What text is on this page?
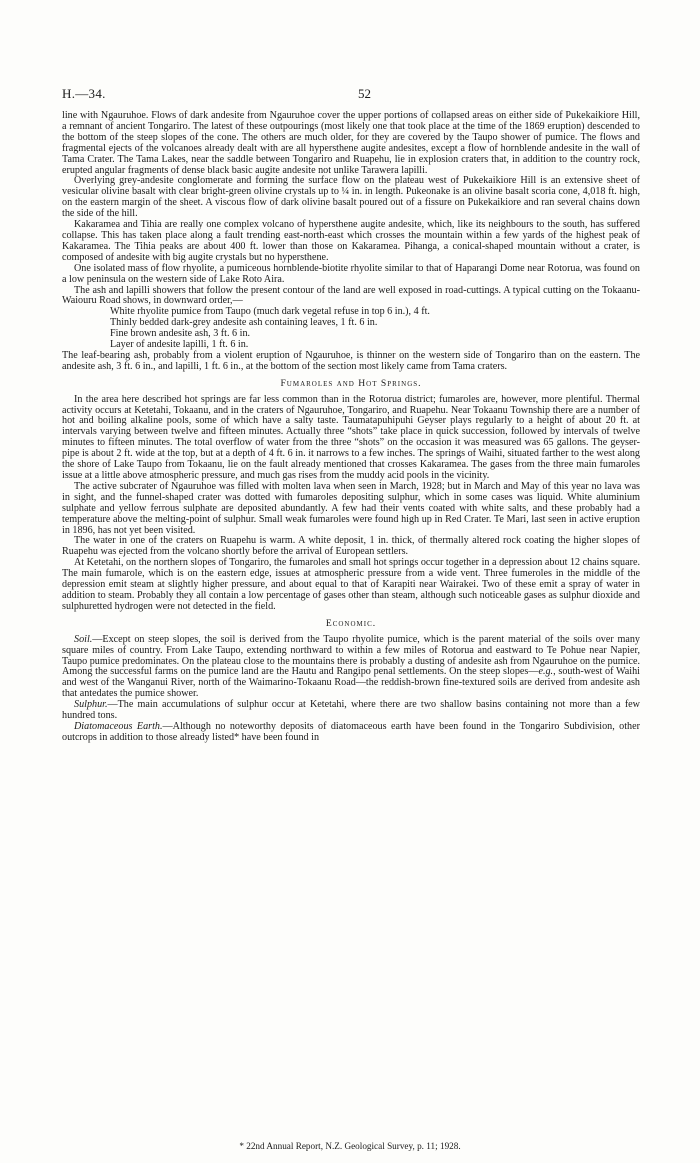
H.—34.	52

line with Ngauruhoe. Flows of dark andesite from Ngauruhoe cover the upper portions of collapsed areas on either side of Pukekaikiore Hill, a remnant of ancient Tongariro. The latest of these outpourings (most likely one that took place at the time of the 1869 eruption) descended to the bottom of the steep slopes of the cone. The others are much older, for they are covered by the Taupo shower of pumice. The flows and fragmental ejects of the volcanoes already dealt with are all hypersthene augite andesites, except a flow of hornblende andesite in the wall of Tama Crater. The Tama Lakes, near the saddle between Tongariro and Ruapehu, lie in explosion craters that, in addition to the country rock, erupted angular fragments of dense black basic augite andesite not unlike Tarawera lapilli.

Overlying grey-andesite conglomerate and forming the surface flow on the plateau west of Pukekaikiore Hill is an extensive sheet of vesicular olivine basalt with clear bright-green olivine crystals up to ¼ in. in length. Pukeonake is an olivine basalt scoria cone, 4,018 ft. high, on the eastern margin of the sheet. A viscous flow of dark olivine basalt poured out of a fissure on Pukekaikiore and ran several chains down the side of the hill.

Kakaramea and Tihia are really one complex volcano of hypersthene augite andesite, which, like its neighbours to the south, has suffered collapse. This has taken place along a fault trending east-north-east which crosses the mountain within a few yards of the highest peak of Kakaramea. The Tihia peaks are about 400 ft. lower than those on Kakaramea. Pihanga, a conical-shaped mountain without a crater, is composed of andesite with big augite crystals but no hypersthene.

One isolated mass of flow rhyolite, a pumiceous hornblende-biotite rhyolite similar to that of Haparangi Dome near Rotorua, was found on a low peninsula on the western side of Lake Roto Aira.

The ash and lapilli showers that follow the present contour of the land are well exposed in road-cuttings. A typical cutting on the Tokaanu-Waiouru Road shows, in downward order,—

White rhyolite pumice from Taupo (much dark vegetal refuse in top 6 in.), 4 ft.
Thinly bedded dark-grey andesite ash containing leaves, 1 ft. 6 in.
Fine brown andesite ash, 3 ft. 6 in.
Layer of andesite lapilli, 1 ft. 6 in.

The leaf-bearing ash, probably from a violent eruption of Ngauruhoe, is thinner on the western side of Tongariro than on the eastern. The andesite ash, 3 ft. 6 in., and lapilli, 1 ft. 6 in., at the bottom of the section most likely came from Tama craters.

Fumaroles and Hot Springs.

In the area here described hot springs are far less common than in the Rotorua district; fumaroles are, however, more plentiful. Thermal activity occurs at Ketetahi, Tokaanu, and in the craters of Ngauruhoe, Tongariro, and Ruapehu. Near Tokaanu Township there are a number of hot and boiling alkaline pools, some of which have a salty taste. Taumatapuhipuhi Geyser plays regularly to a height of about 20 ft. at intervals varying between twelve and fifteen minutes. Actually three “shots” take place in quick succession, followed by intervals of twelve minutes to fifteen minutes. The total overflow of water from the three “shots” on the occasion it was measured was 65 gallons. The geyser-pipe is about 2 ft. wide at the top, but at a depth of 4 ft. 6 in. it narrows to a few inches. The springs of Waihi, situated farther to the west along the shore of Lake Taupo from Tokaanu, lie on the fault already mentioned that crosses Kakaramea. The gases from the three main fumaroles issue at a little above atmospheric pressure, and much gas rises from the muddy acid pools in the vicinity.

The active subcrater of Ngauruhoe was filled with molten lava when seen in March, 1928; but in March and May of this year no lava was in sight, and the funnel-shaped crater was dotted with fumaroles depositing sulphur, which in some cases was liquid. White aluminium sulphate and yellow ferrous sulphate are deposited abundantly. A few had their vents coated with white salts, and these probably had a temperature above the melting-point of sulphur. Small weak fumaroles were found high up in Red Crater. Te Mari, last seen in active eruption in 1896, has not yet been visited.

The water in one of the craters on Ruapehu is warm. A white deposit, 1 in. thick, of thermally altered rock coating the higher slopes of Ruapehu was ejected from the volcano shortly before the arrival of European settlers.

At Ketetahi, on the northern slopes of Tongariro, the fumaroles and small hot springs occur together in a depression about 12 chains square. The main fumarole, which is on the eastern edge, issues at atmospheric pressure from a wide vent. Three fumeroles in the middle of the depression emit steam at slightly higher pressure, and about equal to that of Karapiti near Wairakei. Two of these emit a spray of water in addition to steam. Probably they all contain a low percentage of gases other than steam, although such noticeable gases as sulphur dioxide and sulphuretted hydrogen were not detected in the field.

Economic.

Soil.—Except on steep slopes, the soil is derived from the Taupo rhyolite pumice, which is the parent material of the soils over many square miles of country. From Lake Taupo, extending northward to within a few miles of Rotorua and eastward to Te Pohue near Napier, Taupo pumice predominates. On the plateau close to the mountains there is probably a dusting of andesite ash from Ngauruhoe on the pumice. Among the successful farms on the pumice land are the Hautu and Rangipo penal settlements. On the steep slopes—e.g., south-west of Waihi and west of the Wanganui River, north of the Waimarino-Tokaanu Road—the reddish-brown fine-textured soils are derived from andesite ash that antedates the pumice shower.

Sulphur.—The main accumulations of sulphur occur at Ketetahi, where there are two shallow basins containing not more than a few hundred tons.

Diatomaceous Earth.—Although no noteworthy deposits of diatomaceous earth have been found in the Tongariro Subdivision, other outcrops in addition to those already listed* have been found in

* 22nd Annual Report, N.Z. Geological Survey, p. 11; 1928.
